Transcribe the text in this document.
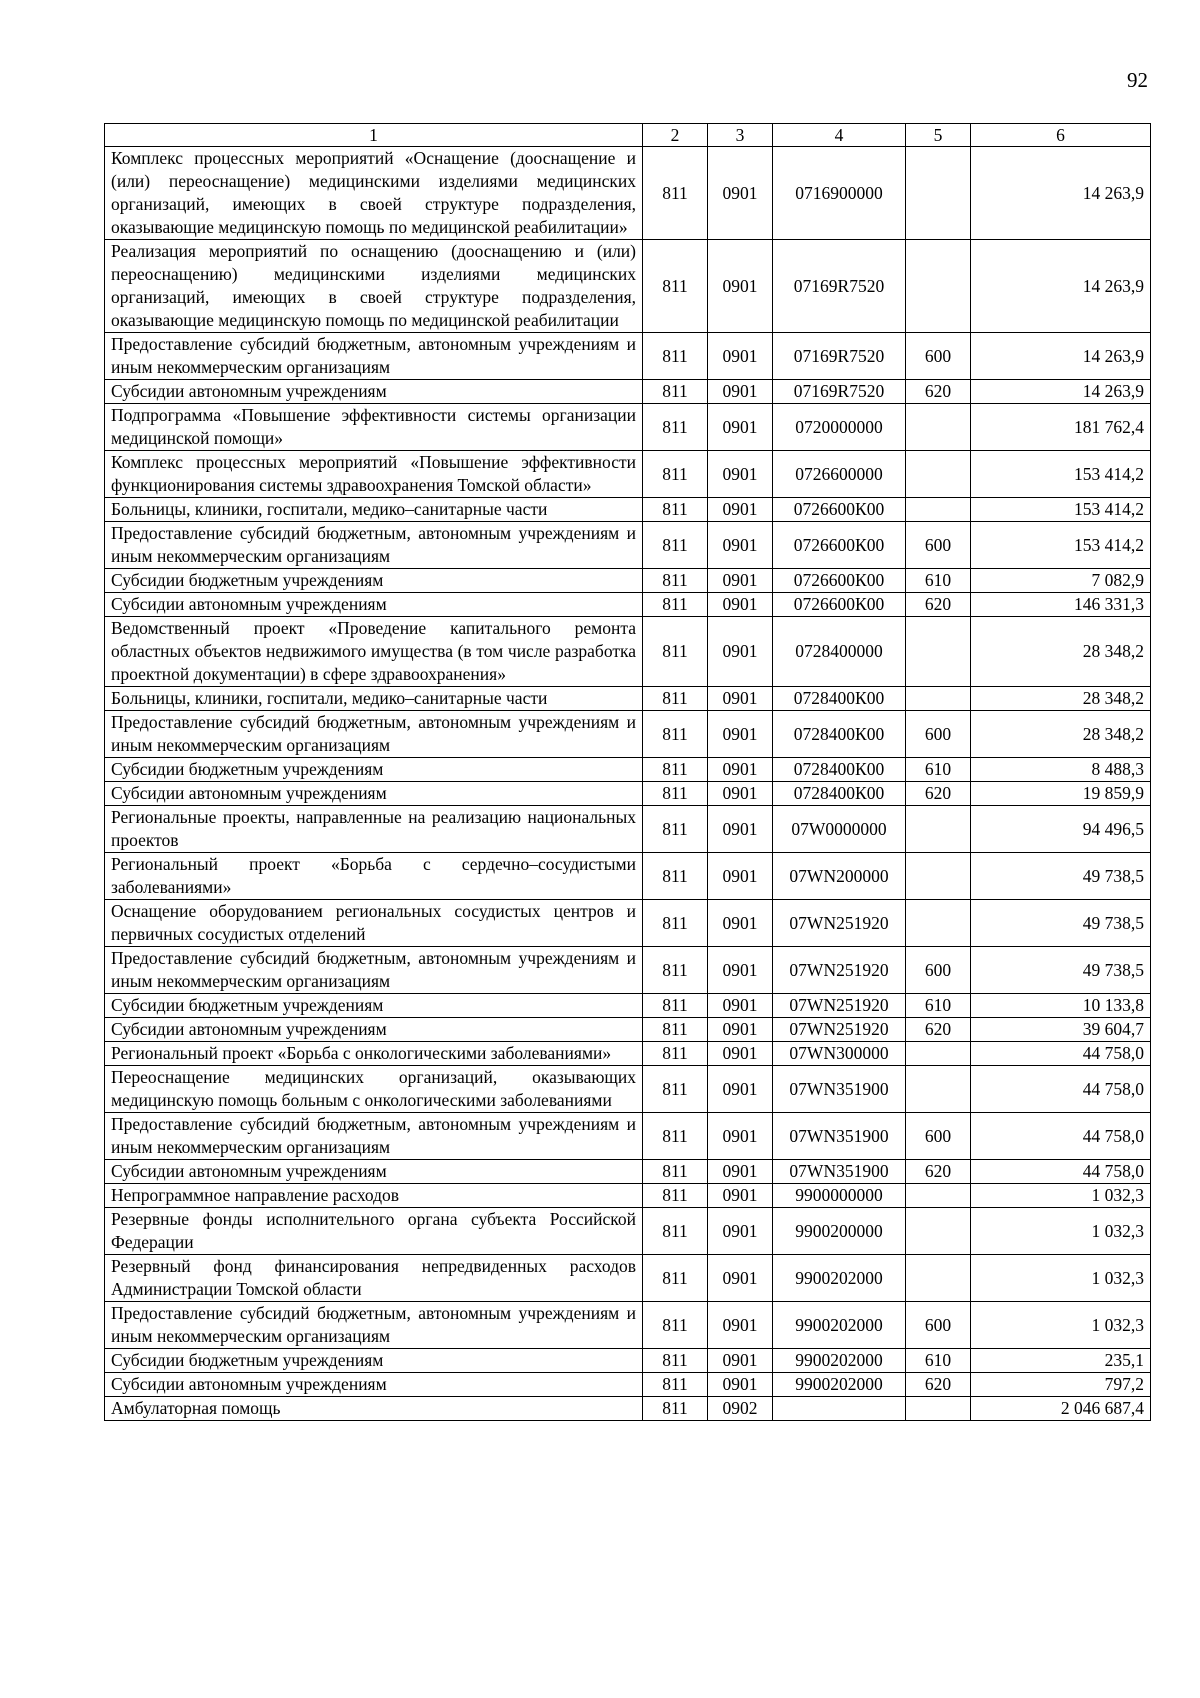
92
1	2	3	4	5	6
Комплекс процессных мероприятий «Оснащение (дооснащение и (или) переоснащение) медицинскими изделиями медицинских организаций, имеющих в своей структуре подразделения, оказывающие медицинскую помощь по медицинской реабилитации»	811	0901	0716900000		14 263,9
Реализация мероприятий по оснащению (дооснащению и (или) переоснащению) медицинскими изделиями медицинских организаций, имеющих в своей структуре подразделения, оказывающие медицинскую помощь по медицинской реабилитации	811	0901	07169R7520		14 263,9
Предоставление субсидий бюджетным, автономным учреждениям и иным некоммерческим организациям	811	0901	07169R7520	600	14 263,9
Субсидии автономным учреждениям	811	0901	07169R7520	620	14 263,9
Подпрограмма «Повышение эффективности системы организации медицинской помощи»	811	0901	0720000000		181 762,4
Комплекс процессных мероприятий «Повышение эффективности функционирования системы здравоохранения Томской области»	811	0901	0726600000		153 414,2
Больницы, клиники, госпитали, медико–санитарные части	811	0901	0726600К00		153 414,2
Предоставление субсидий бюджетным, автономным учреждениям и иным некоммерческим организациям	811	0901	0726600К00	600	153 414,2
Субсидии бюджетным учреждениям	811	0901	0726600К00	610	7 082,9
Субсидии автономным учреждениям	811	0901	0726600К00	620	146 331,3
Ведомственный проект «Проведение капитального ремонта областных объектов недвижимого имущества (в том числе разработка проектной документации) в сфере здравоохранения»	811	0901	0728400000		28 348,2
Больницы, клиники, госпитали, медико–санитарные части	811	0901	0728400К00		28 348,2
Предоставление субсидий бюджетным, автономным учреждениям и иным некоммерческим организациям	811	0901	0728400К00	600	28 348,2
Субсидии бюджетным учреждениям	811	0901	0728400К00	610	8 488,3
Субсидии автономным учреждениям	811	0901	0728400К00	620	19 859,9
Региональные проекты, направленные на реализацию национальных проектов	811	0901	07W0000000		94 496,5
Региональный проект «Борьба с сердечно–сосудистыми заболеваниями»	811	0901	07WN200000		49 738,5
Оснащение оборудованием региональных сосудистых центров и первичных сосудистых отделений	811	0901	07WN251920		49 738,5
Предоставление субсидий бюджетным, автономным учреждениям и иным некоммерческим организациям	811	0901	07WN251920	600	49 738,5
Субсидии бюджетным учреждениям	811	0901	07WN251920	610	10 133,8
Субсидии автономным учреждениям	811	0901	07WN251920	620	39 604,7
Региональный проект «Борьба с онкологическими заболеваниями»	811	0901	07WN300000		44 758,0
Переоснащение медицинских организаций, оказывающих медицинскую помощь больным с онкологическими заболеваниями	811	0901	07WN351900		44 758,0
Предоставление субсидий бюджетным, автономным учреждениям и иным некоммерческим организациям	811	0901	07WN351900	600	44 758,0
Субсидии автономным учреждениям	811	0901	07WN351900	620	44 758,0
Непрограммное направление расходов	811	0901	9900000000		1 032,3
Резервные фонды исполнительного органа субъекта Российской Федерации	811	0901	9900200000		1 032,3
Резервный фонд финансирования непредвиденных расходов Администрации Томской области	811	0901	9900202000		1 032,3
Предоставление субсидий бюджетным, автономным учреждениям и иным некоммерческим организациям	811	0901	9900202000	600	1 032,3
Субсидии бюджетным учреждениям	811	0901	9900202000	610	235,1
Субсидии автономным учреждениям	811	0901	9900202000	620	797,2
Амбулаторная помощь	811	0902			2 046 687,4
